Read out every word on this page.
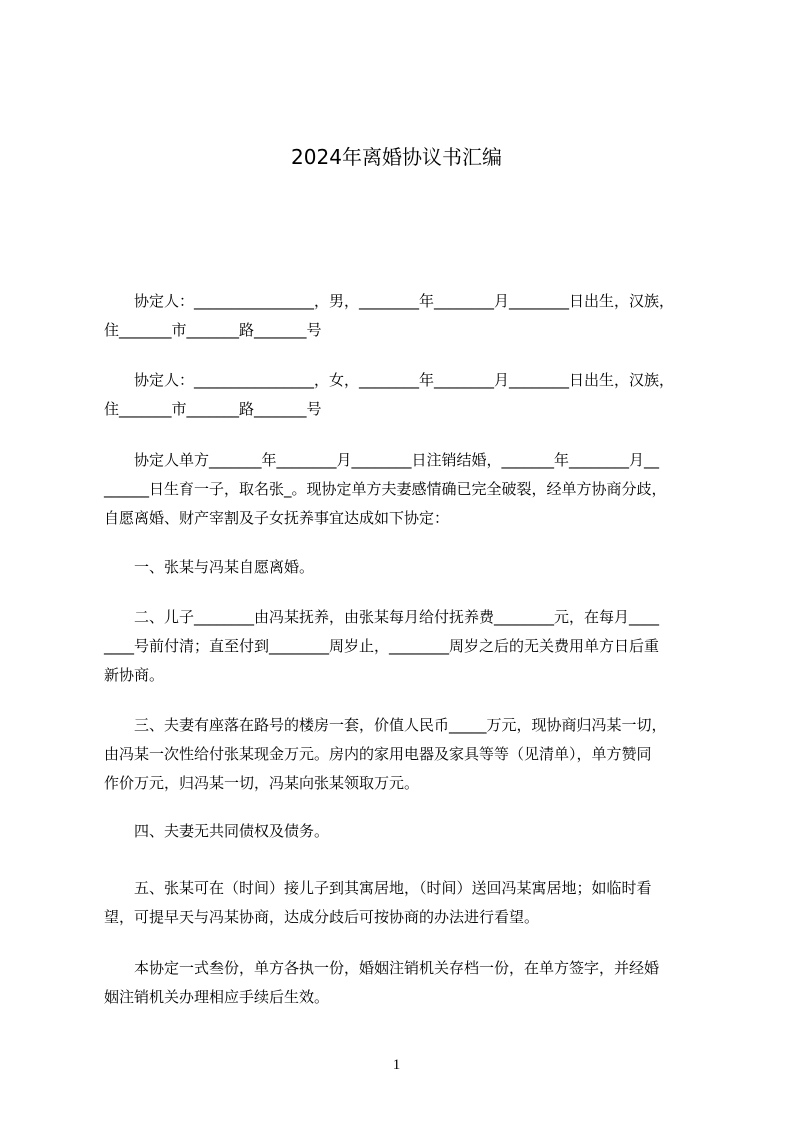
2024年离婚协议书汇编
　　协定人：________________，男，________年________月________日出生，汉族，
住_______市_______路_______号
　　协定人：________________，女，________年________月________日出生，汉族，
住_______市_______路_______号
　　协定人单方_______年________月________日注销结婚，_______年________月__
______日生育一子，取名张_。现协定单方夫妻感情确已完全破裂，经单方协商分歧，
自愿离婚、财产宰割及子女抚养事宜达成如下协定：
　　一、张某与冯某自愿离婚。
　　二、儿子________由冯某抚养，由张某每月给付抚养费________元，在每月____
____号前付清；直至付到________周岁止，________周岁之后的无关费用单方日后重
新协商。
　　三、夫妻有座落在路号的楼房一套，价值人民币_____万元，现协商归冯某一切，
由冯某一次性给付张某现金万元。房内的家用电器及家具等等（见清单），单方赞同
作价万元，归冯某一切，冯某向张某领取万元。
　　四、夫妻无共同债权及债务。
　　五、张某可在（时间）接儿子到其寓居地，（时间）送回冯某寓居地；如临时看
望，可提早天与冯某协商，达成分歧后可按协商的办法进行看望。
　　本协定一式叁份，单方各执一份，婚姻注销机关存档一份，在单方签字，并经婚
姻注销机关办理相应手续后生效。
1
